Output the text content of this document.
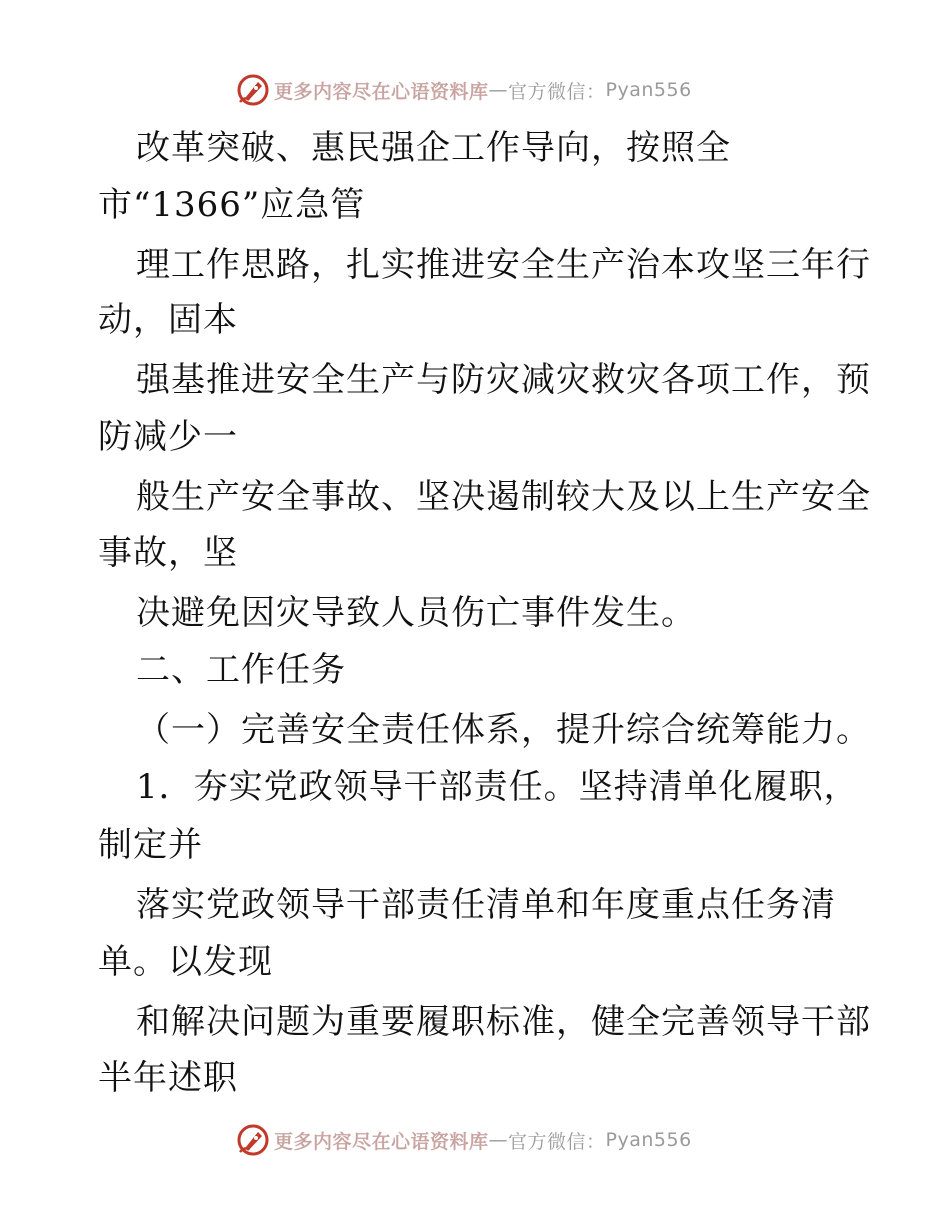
更多内容尽在心语资料库 — 官方微信： Pyan556
改革突破、惠民强企工作导向，按照全
市“1366”应急管
理工作思路，扎实推进安全生产治本攻坚三年行
动，固本
强基推进安全生产与防灾减灾救灾各项工作，预
防减少一
般生产安全事故、坚决遏制较大及以上生产安全
事故，坚
决避免因灾导致人员伤亡事件发生。
二、工作任务
（一）完善安全责任体系，提升综合统筹能力。
1．夯实党政领导干部责任。坚持清单化履职，
制定并
落实党政领导干部责任清单和年度重点任务清
单。以发现
和解决问题为重要履职标准，健全完善领导干部
半年述职
更多内容尽在心语资料库 — 官方微信： Pyan556
